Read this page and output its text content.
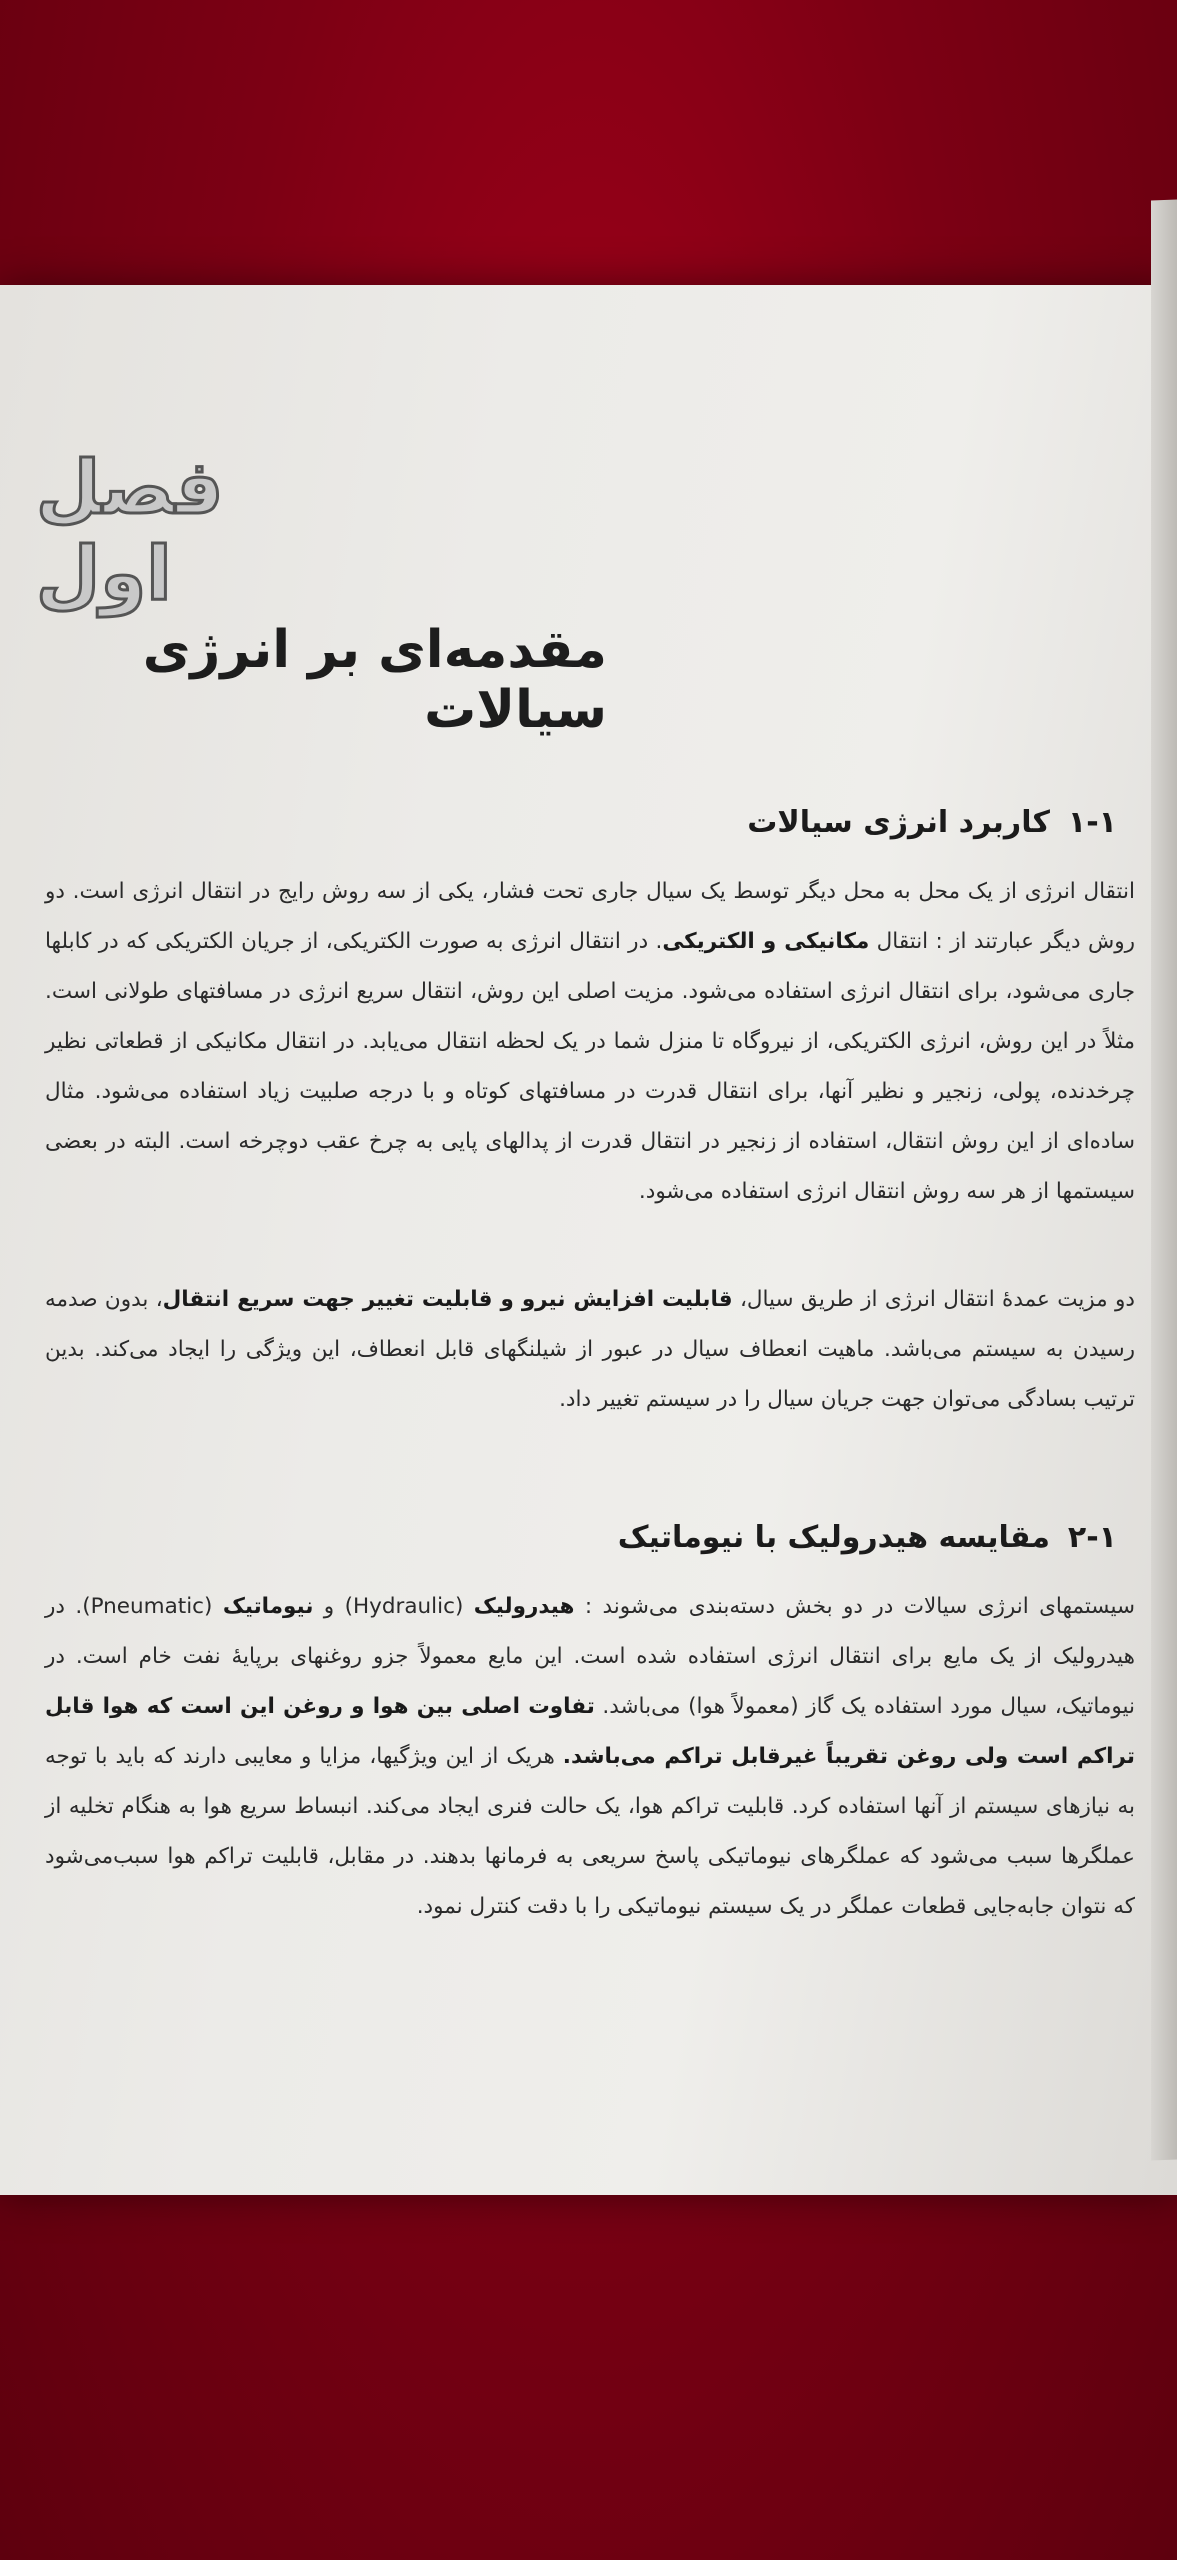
فصل اول
مقدمه‌ای بر انرژی سیالات
۱-۱کاربرد انرژی سیالات

انتقال انرژی از یک محل به محل دیگر توسط یک سیال جاری تحت فشار، یکی از سه روش رایج در انتقال انرژی است. دو روش دیگر عبارتند از : انتقال مکانیکی و الکتریکی. در انتقال انرژی به صورت الکتریکی، از جریان الکتریکی که در کابلها جاری می‌شود، برای انتقال انرژی استفاده می‌شود. مزیت اصلی این روش، انتقال سریع انرژی در مسافتهای طولانی است. مثلاً در این روش، انرژی الکتریکی، از نیروگاه تا منزل شما در یک لحظه انتقال می‌یابد. در انتقال مکانیکی از قطعاتی نظیر چرخدنده، پولی، زنجیر و نظیر آنها، برای انتقال قدرت در مسافتهای کوتاه و با درجه صلبیت زیاد استفاده می‌شود. مثال ساده‌ای از این روش انتقال، استفاده از زنجیر در انتقال قدرت از پدالهای پایی به چرخ عقب دوچرخه است. البته در بعضی سیستمها از هر سه روش انتقال انرژی استفاده می‌شود.

دو مزیت عمدهٔ انتقال انرژی از طریق سیال، قابلیت افزایش نیرو و قابلیت تغییر جهت سریع انتقال، بدون صدمه رسیدن به سیستم می‌باشد. ماهیت انعطاف سیال در عبور از شیلنگهای قابل انعطاف، این ویژگی را ایجاد می‌کند. بدین ترتیب بسادگی می‌توان جهت جریان سیال را در سیستم تغییر داد.

۲-۱مقایسه هیدرولیک با نیوماتیک

سیستمهای انرژی سیالات در دو بخش دسته‌بندی می‌شوند : هیدرولیک (Hydraulic) و نیوماتیک (Pneumatic). در هیدرولیک از یک مایع برای انتقال انرژی استفاده شده است. این مایع معمولاً جزو روغنهای برپایهٔ نفت خام است. در نیوماتیک، سیال مورد استفاده یک گاز (معمولاً هوا) می‌باشد. تفاوت اصلی بین هوا و روغن این است که هوا قابل تراکم است ولی روغن تقریباً غیرقابل تراکم می‌باشد. هریک از این ویژگیها، مزایا و معایبی دارند که باید با توجه به نیازهای سیستم از آنها استفاده کرد. قابلیت تراکم هوا، یک حالت فنری ایجاد می‌کند. انبساط سریع هوا به هنگام تخلیه از عملگرها سبب می‌شود که عملگرهای نیوماتیکی پاسخ سریعی به فرمانها بدهند. در مقابل، قابلیت تراکم هوا سبب‌می‌شود که نتوان جابه‌جایی قطعات عملگر در یک سیستم نیوماتیکی را با دقت کنترل نمود.
